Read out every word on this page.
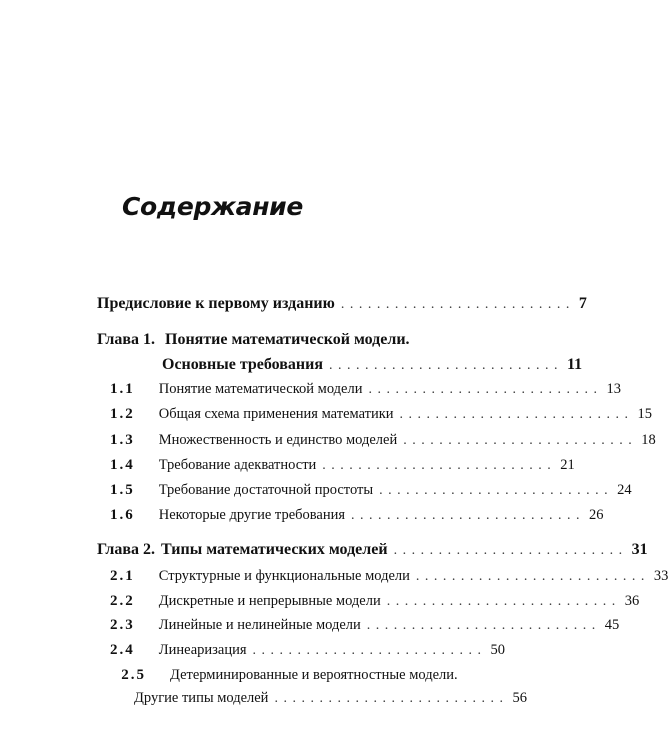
Содержание
Предисловие к первому изданию .......................... 7
Глава 1. Понятие математической модели.
Основные требования .......................... 11
1.1 Понятие математической модели .......................... 13
1.2 Общая схема применения математики .......................... 15
1.3 Множественность и единство моделей .......................... 18
1.4 Требование адекватности .......................... 21
1.5 Требование достаточной простоты .......................... 24
1.6 Некоторые другие требования .......................... 26
Глава 2. Типы математических моделей .......................... 31
2.1 Структурные и функциональные модели .......................... 33
2.2 Дискретные и непрерывные модели .......................... 36
2.3 Линейные и нелинейные модели .......................... 45
2.4 Линеаризация .......................... 50
2.5 Детерминированные и вероятностные модели.
Другие типы моделей .......................... 56
